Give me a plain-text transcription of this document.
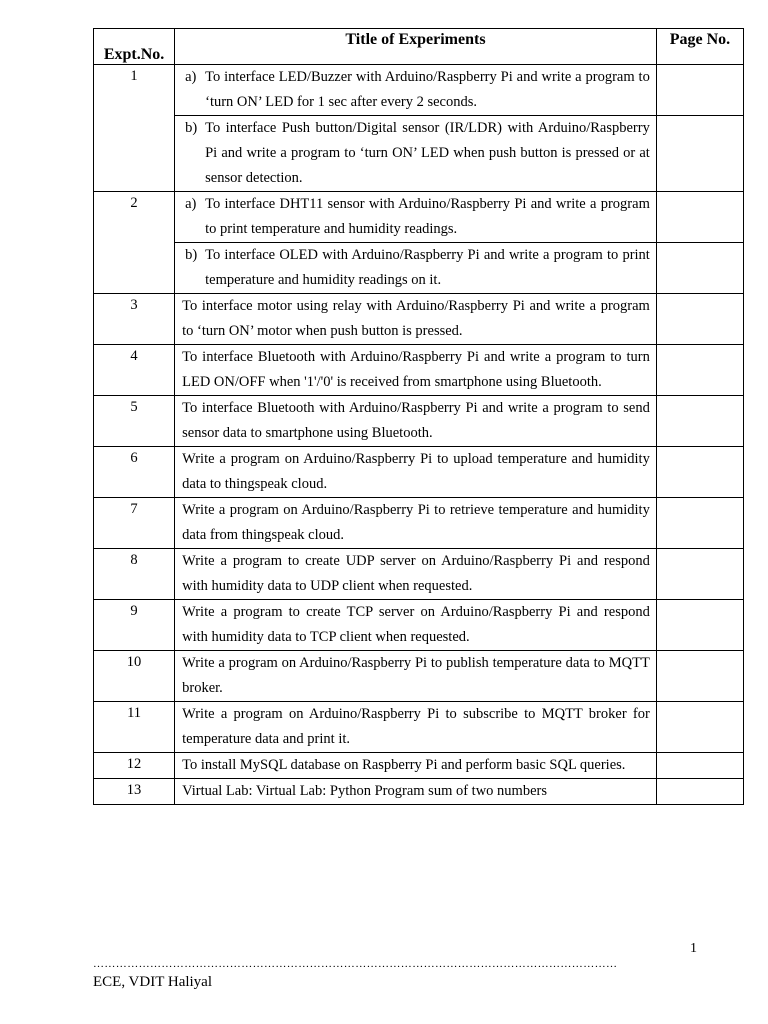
Expt.No.	Title of Experiments	Page No.
1	a) To interface LED/Buzzer with Arduino/Raspberry Pi and write a program to ‘turn ON’ LED for 1 sec after every 2 seconds.	

	b) To interface Push button/Digital sensor (IR/LDR) with Arduino/Raspberry Pi and write a program to ‘turn ON’ LED when push button is pressed or at sensor detection.	

2	a) To interface DHT11 sensor with Arduino/Raspberry Pi and write a program to print temperature and humidity readings.	

	b) To interface OLED with Arduino/Raspberry Pi and write a program to print temperature and humidity readings on it.	

3	To interface motor using relay with Arduino/Raspberry Pi and write a program to ‘turn ON’ motor when push button is pressed.	
4	To interface Bluetooth with Arduino/Raspberry Pi and write a program to turn LED ON/OFF when '1'/'0' is received from smartphone using Bluetooth.	
5	To interface Bluetooth with Arduino/Raspberry Pi and write a program to send sensor data to smartphone using Bluetooth.	
6	Write a program on Arduino/Raspberry Pi to upload temperature and humidity data to thingspeak cloud.	
7	Write a program on Arduino/Raspberry Pi to retrieve temperature and humidity data from thingspeak cloud.	
8	Write a program to create UDP server on Arduino/Raspberry Pi and respond with humidity data to UDP client when requested.	
9	Write a program to create TCP server on Arduino/Raspberry Pi and respond with humidity data to TCP client when requested.	
10	Write a program on Arduino/Raspberry Pi to publish temperature data to MQTT broker.	
11	Write a program on Arduino/Raspberry Pi to subscribe to MQTT broker for temperature data and print it.	
12	To install MySQL database on Raspberry Pi and perform basic SQL queries.	
13	Virtual Lab: Virtual Lab: Python Program sum of two numbers	
1
…………………………………………………………………………………………………………………………
ECE, VDIT Haliyal
